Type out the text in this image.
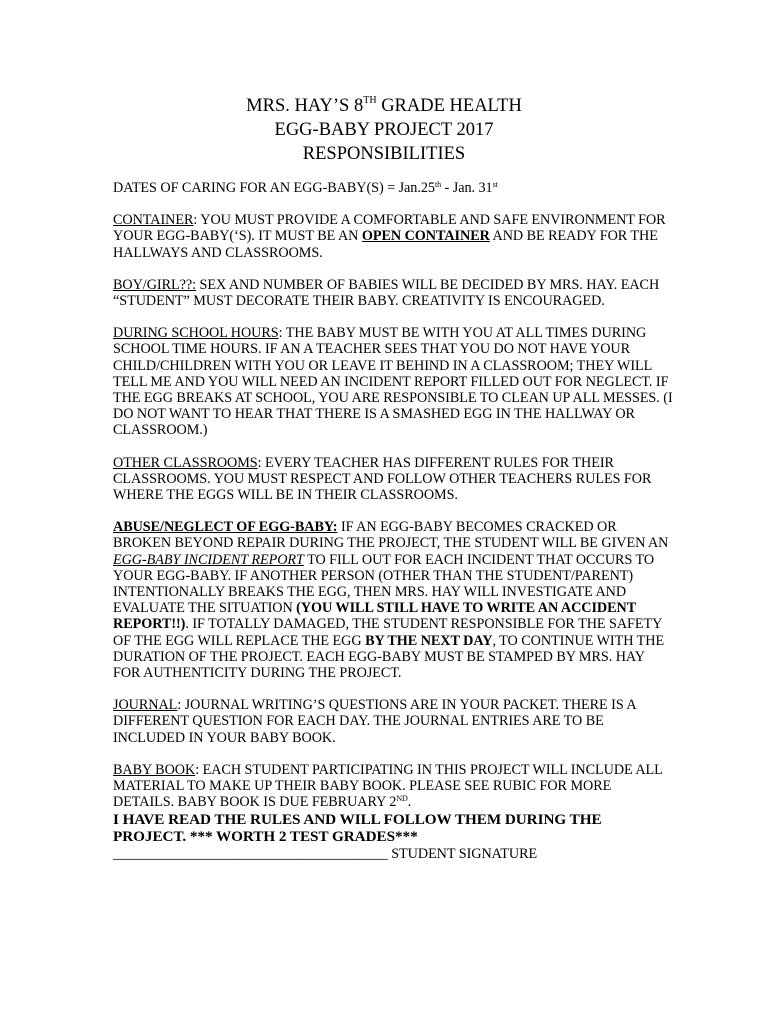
MRS. HAY’S 8TH GRADE HEALTH
EGG-BABY PROJECT 2017
RESPONSIBILITIES

DATES OF CARING FOR AN EGG-BABY(S) = Jan.25th - Jan. 31st

CONTAINER: YOU MUST PROVIDE A COMFORTABLE AND SAFE ENVIRONMENT FOR YOUR EGG-BABY(‘S). IT MUST BE AN OPEN CONTAINER AND BE READY FOR THE HALLWAYS AND CLASSROOMS.

BOY/GIRL??: SEX AND NUMBER OF BABIES WILL BE DECIDED BY MRS. HAY. EACH “STUDENT” MUST DECORATE THEIR BABY. CREATIVITY IS ENCOURAGED.

DURING SCHOOL HOURS: THE BABY MUST BE WITH YOU AT ALL TIMES DURING SCHOOL TIME HOURS. IF AN A TEACHER SEES THAT YOU DO NOT HAVE YOUR CHILD/CHILDREN WITH YOU OR LEAVE IT BEHIND IN A CLASSROOM; THEY WILL TELL ME AND YOU WILL NEED AN INCIDENT REPORT FILLED OUT FOR NEGLECT. IF THE EGG BREAKS AT SCHOOL, YOU ARE RESPONSIBLE TO CLEAN UP ALL MESSES. (I DO NOT WANT TO HEAR THAT THERE IS A SMASHED EGG IN THE HALLWAY OR CLASSROOM.)

OTHER CLASSROOMS: EVERY TEACHER HAS DIFFERENT RULES FOR THEIR CLASSROOMS. YOU MUST RESPECT AND FOLLOW OTHER TEACHERS RULES FOR WHERE THE EGGS WILL BE IN THEIR CLASSROOMS.

ABUSE/NEGLECT OF EGG-BABY: IF AN EGG-BABY BECOMES CRACKED OR BROKEN BEYOND REPAIR DURING THE PROJECT, THE STUDENT WILL BE GIVEN AN EGG-BABY INCIDENT REPORT TO FILL OUT FOR EACH INCIDENT THAT OCCURS TO YOUR EGG-BABY. IF ANOTHER PERSON (OTHER THAN THE STUDENT/PARENT) INTENTIONALLY BREAKS THE EGG, THEN MRS. HAY WILL INVESTIGATE AND EVALUATE THE SITUATION (YOU WILL STILL HAVE TO WRITE AN ACCIDENT REPORT!!). IF TOTALLY DAMAGED, THE STUDENT RESPONSIBLE FOR THE SAFETY OF THE EGG WILL REPLACE THE EGG BY THE NEXT DAY, TO CONTINUE WITH THE DURATION OF THE PROJECT. EACH EGG-BABY MUST BE STAMPED BY MRS. HAY FOR AUTHENTICITY DURING THE PROJECT.

JOURNAL: JOURNAL WRITING’S QUESTIONS ARE IN YOUR PACKET. THERE IS A DIFFERENT QUESTION FOR EACH DAY. THE JOURNAL ENTRIES ARE TO BE INCLUDED IN YOUR BABY BOOK.

BABY BOOK: EACH STUDENT PARTICIPATING IN THIS PROJECT WILL INCLUDE ALL MATERIAL TO MAKE UP THEIR BABY BOOK. PLEASE SEE RUBIC FOR MORE DETAILS. BABY BOOK IS DUE FEBRUARY 2ND.

I HAVE READ THE RULES AND WILL FOLLOW THEM DURING THE PROJECT. *** WORTH 2 TEST GRADES***

_______________________________________ STUDENT SIGNATURE
